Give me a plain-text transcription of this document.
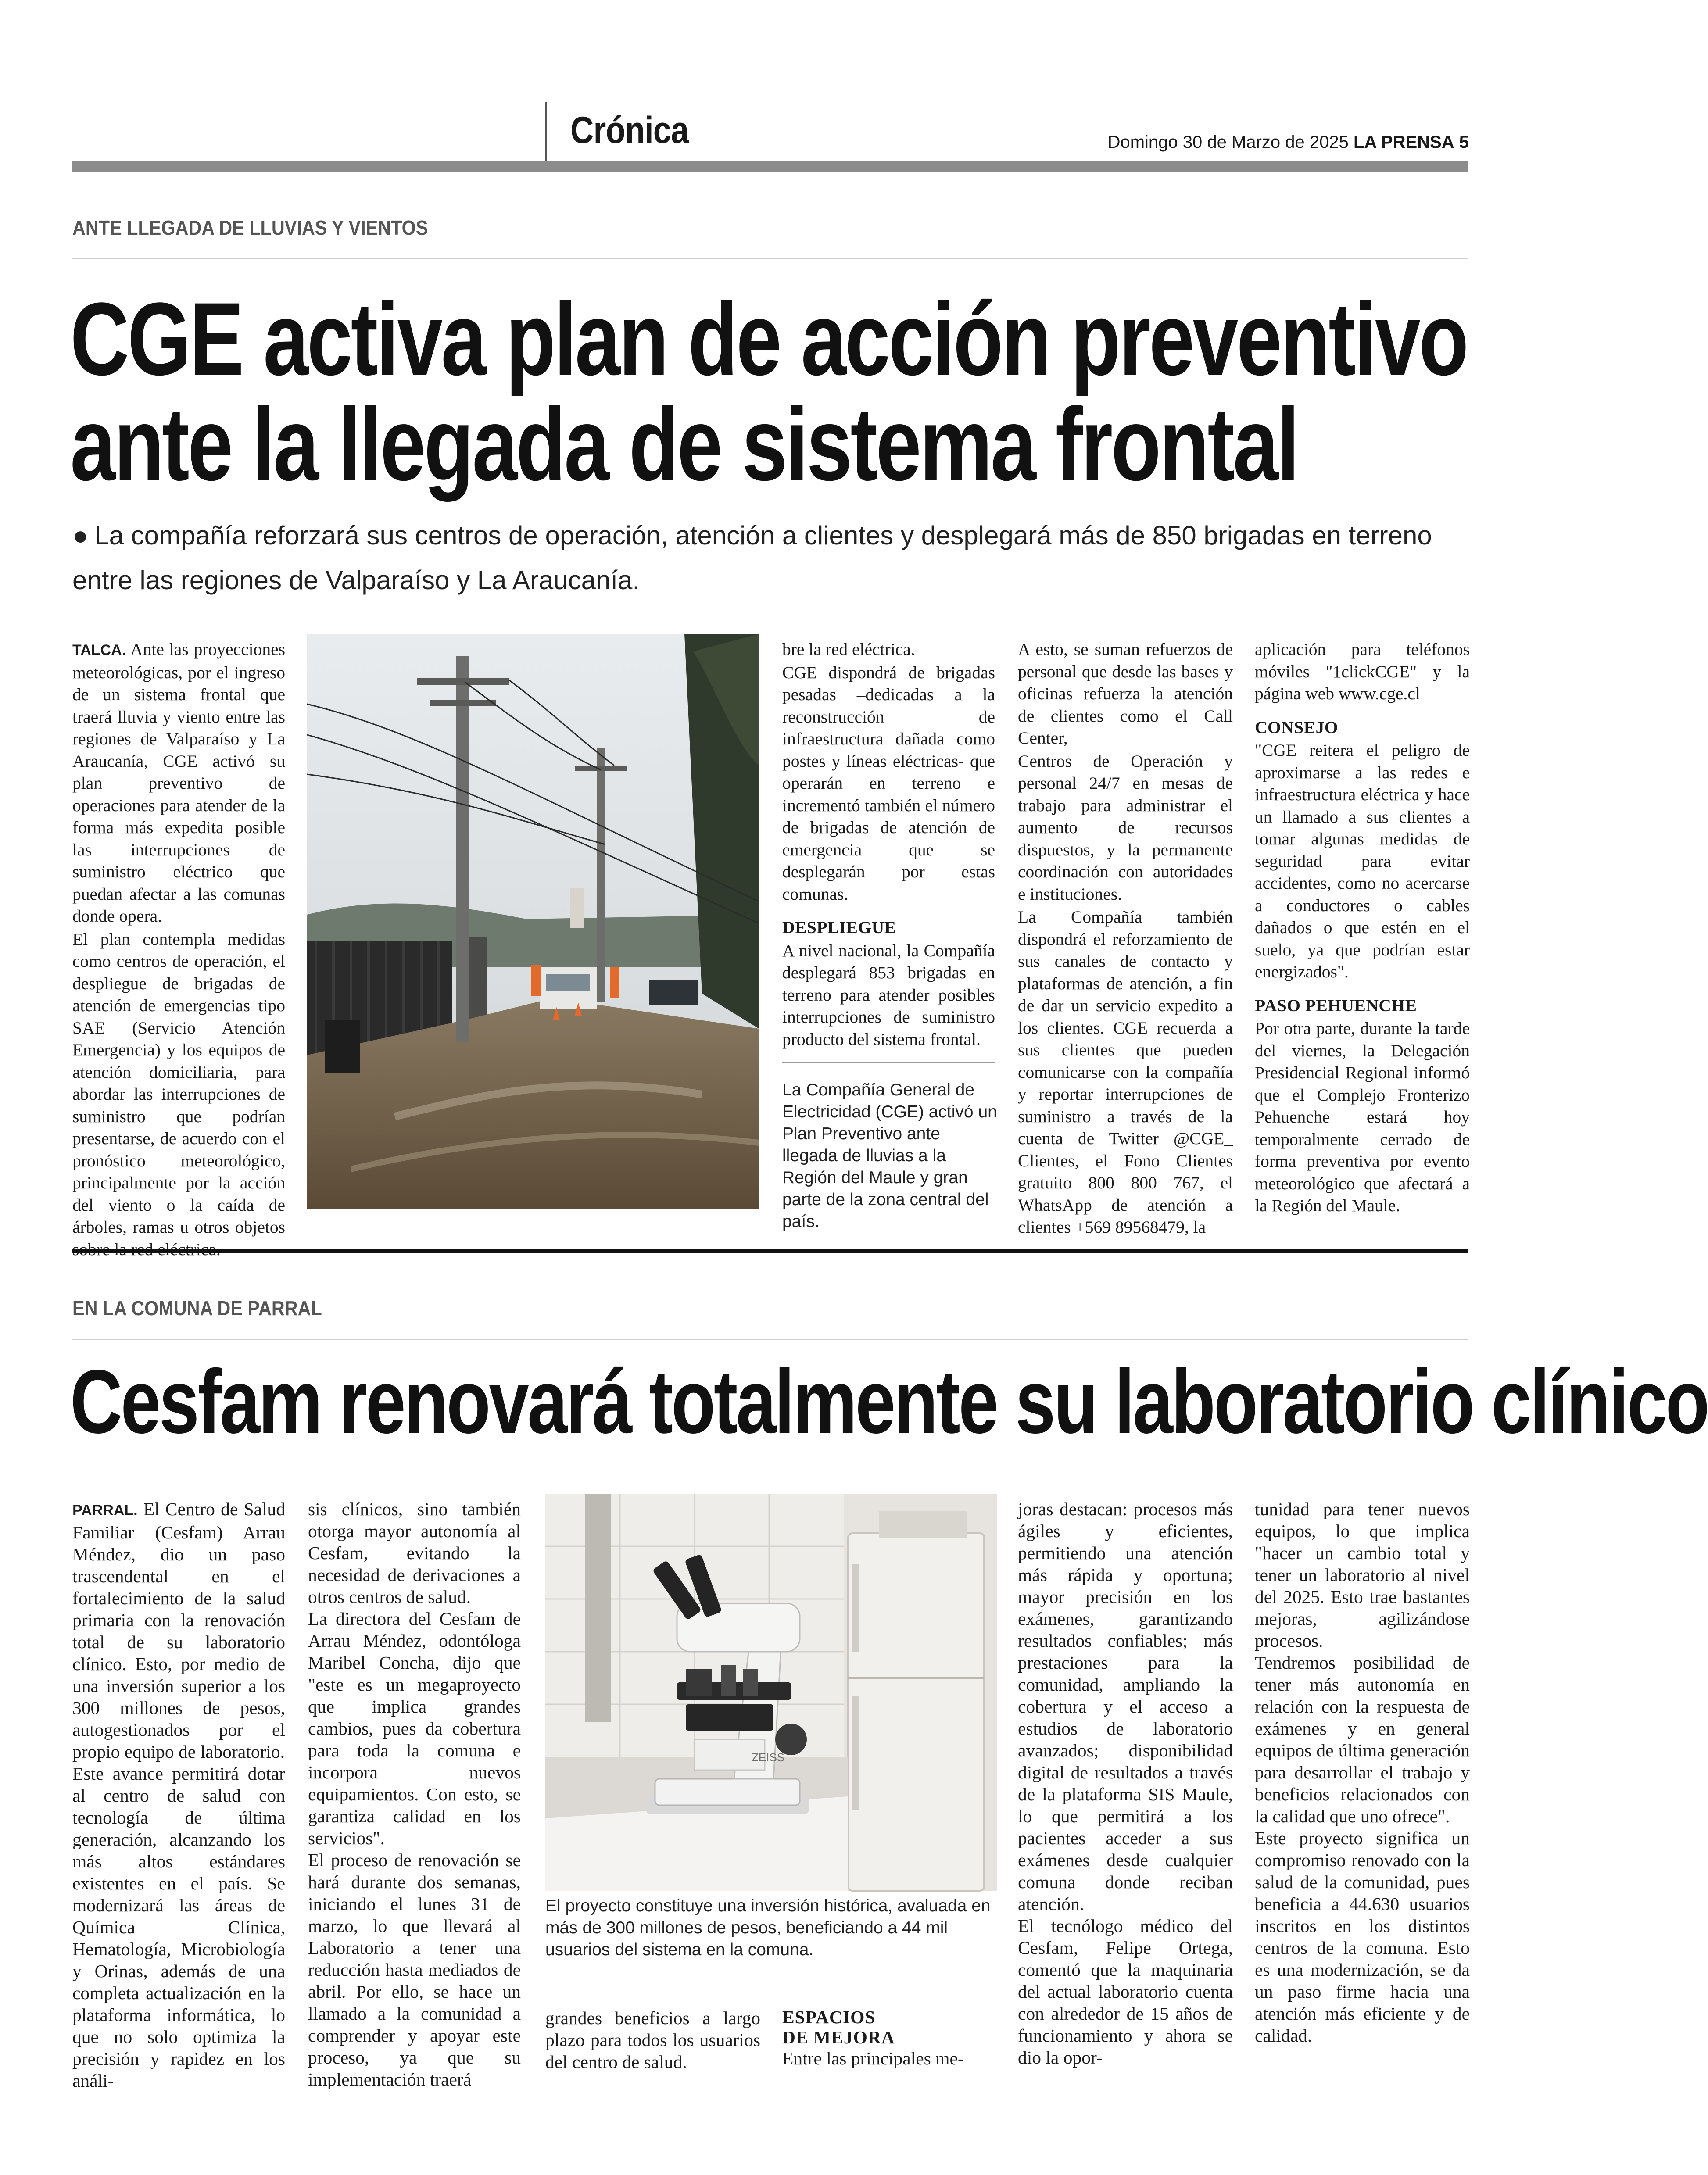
Crónica	Domingo 30 de Marzo de 2025 LA PRENSA 5
ANTE LLEGADA DE LLUVIAS Y VIENTOS
CGE activa plan de acción preventivo
ante la llegada de sistema frontal
● La compañía reforzará sus centros de operación, atención a clientes y desplegará más de 850 brigadas en terreno entre las regiones de Valparaíso y La Araucanía.

TALCA. Ante las proyecciones meteorológicas, por el ingreso de un sistema frontal que traerá lluvia y viento entre las regiones de Valparaíso y La Araucanía, CGE activó su plan preventivo de operaciones para atender de la forma más expedita posible las interrupciones de suministro eléctrico que puedan afectar a las comunas donde opera.

El plan contempla medidas como centros de operación, el despliegue de brigadas de atención de emergencias tipo SAE (Servicio Atención Emergencia) y los equipos de atención domiciliaria, para abordar las interrupciones de suministro que podrían presentarse, de acuerdo con el pronóstico meteorológico, principalmente por la acción del viento o la caída de árboles, ramas u otros objetos

bre la red eléctrica.

CGE dispondrá de brigadas pesadas –dedicadas a la reconstrucción de infraestructura dañada como postes y líneas eléctricas- que operarán en terreno e incrementó también el número de brigadas de atención de emergencia que se desplegarán por estas comunas.

DESPLIEGUE

A nivel nacional, la Compañía desplegará 853 brigadas en terreno para atender posibles interrupciones de suministro producto del sistema frontal.

La Compañía General de Electricidad (CGE) activó un Plan Preventivo ante llegada de lluvias a la Región del Maule y gran parte de la zona central del país.

A esto, se suman refuerzos de personal que desde las bases y oficinas refuerza la atención de clientes como el Call Center,

Centros de Operación y personal 24/7 en mesas de trabajo para administrar el aumento de recursos dispuestos, y la permanente coordinación con autoridades e instituciones.

La Compañía también dispondrá el reforzamiento de sus canales de contacto y plataformas de atención, a fin de dar un servicio expedito a los clientes. CGE recuerda a sus clientes que pueden comunicarse con la compañía y reportar interrupciones de suministro a través de la cuenta de Twitter @CGE_ Clientes, el Fono Clientes gratuito 800 800 767, el WhatsApp de atención a clientes +569 89568479, la

aplicación para teléfonos móviles "1clickCGE" y la página web www.cge.cl

CONSEJO

"CGE reitera el peligro de aproximarse a las redes e infraestructura eléctrica y hace un llamado a sus clientes a tomar algunas medidas de seguridad para evitar accidentes, como no acercarse a conductores o cables dañados o que estén en el suelo, ya que podrían estar energizados".

PASO PEHUENCHE

Por otra parte, durante la tarde del viernes, la Delegación Presidencial Regional informó que el Complejo Fronterizo Pehuenche estará hoy temporalmente cerrado de forma preventiva por evento meteorológico que afectará a la Región del Maule.

EN LA COMUNA DE PARRAL
Cesfam renovará totalmente su laboratorio clínico

PARRAL. El Centro de Salud Familiar (Cesfam) Arrau Méndez, dio un paso trascendental en el fortalecimiento de la salud primaria con la renovación total de su laboratorio clínico. Esto, por medio de una inversión superior a los 300 millones de pesos, autogestionados por el propio equipo de laboratorio.

Este avance permitirá dotar al centro de salud con tecnología de última generación, alcanzando los más altos estándares existentes en el país. Se modernizará las áreas de Química Clínica, Hematología, Microbiología y Orinas, además de una completa actualización en la plataforma informática, lo que no solo optimiza la precisión y rapidez en los análi-

sis clínicos, sino también otorga mayor autonomía al Cesfam, evitando la necesidad de derivaciones a otros centros de salud.

La directora del Cesfam de Arrau Méndez, odontóloga Maribel Concha, dijo que "este es un megaproyecto que implica grandes cambios, pues da cobertura para toda la comuna e incorpora nuevos equipamientos. Con esto, se garantiza calidad en los servicios".

El proceso de renovación se hará durante dos semanas, iniciando el lunes 31 de marzo, lo que llevará al Laboratorio a tener una reducción hasta mediados de abril. Por ello, se hace un llamado a la comunidad a comprender y apoyar este proceso, ya que su implementación traerá

ZEISS
El proyecto constituye una inversión histórica, avaluada en más de 300 millones de pesos, beneficiando a 44 mil usuarios del sistema en la comuna.

grandes beneficios a largo plazo para todos los usuarios del centro de salud.

ESPACIOS DE MEJORA

Entre las principales me-

joras destacan: procesos más ágiles y eficientes, permitiendo una atención más rápida y oportuna; mayor precisión en los exámenes, garantizando resultados confiables; más prestaciones para la comunidad, ampliando la cobertura y el acceso a estudios de laboratorio avanzados; disponibilidad digital de resultados a través de la plataforma SIS Maule, lo que permitirá a los pacientes acceder a sus exámenes desde cualquier comuna donde reciban atención.

El tecnólogo médico del Cesfam, Felipe Ortega, comentó que la maquinaria del actual laboratorio cuenta con alrededor de 15 años de funcionamiento y ahora se dio la opor-

tunidad para tener nuevos equipos, lo que implica "hacer un cambio total y tener un laboratorio al nivel del 2025. Esto trae bastantes mejoras, agilizándose procesos.

Tendremos posibilidad de tener más autonomía en relación con la respuesta de exámenes y en general equipos de última generación para desarrollar el trabajo y beneficios relacionados con la calidad que uno ofrece".

Este proyecto significa un compromiso renovado con la salud de la comunidad, pues beneficia a 44.630 usuarios inscritos en los distintos centros de la comuna. Esto es una modernización, se da un paso firme hacia una atención más eficiente y de calidad.
